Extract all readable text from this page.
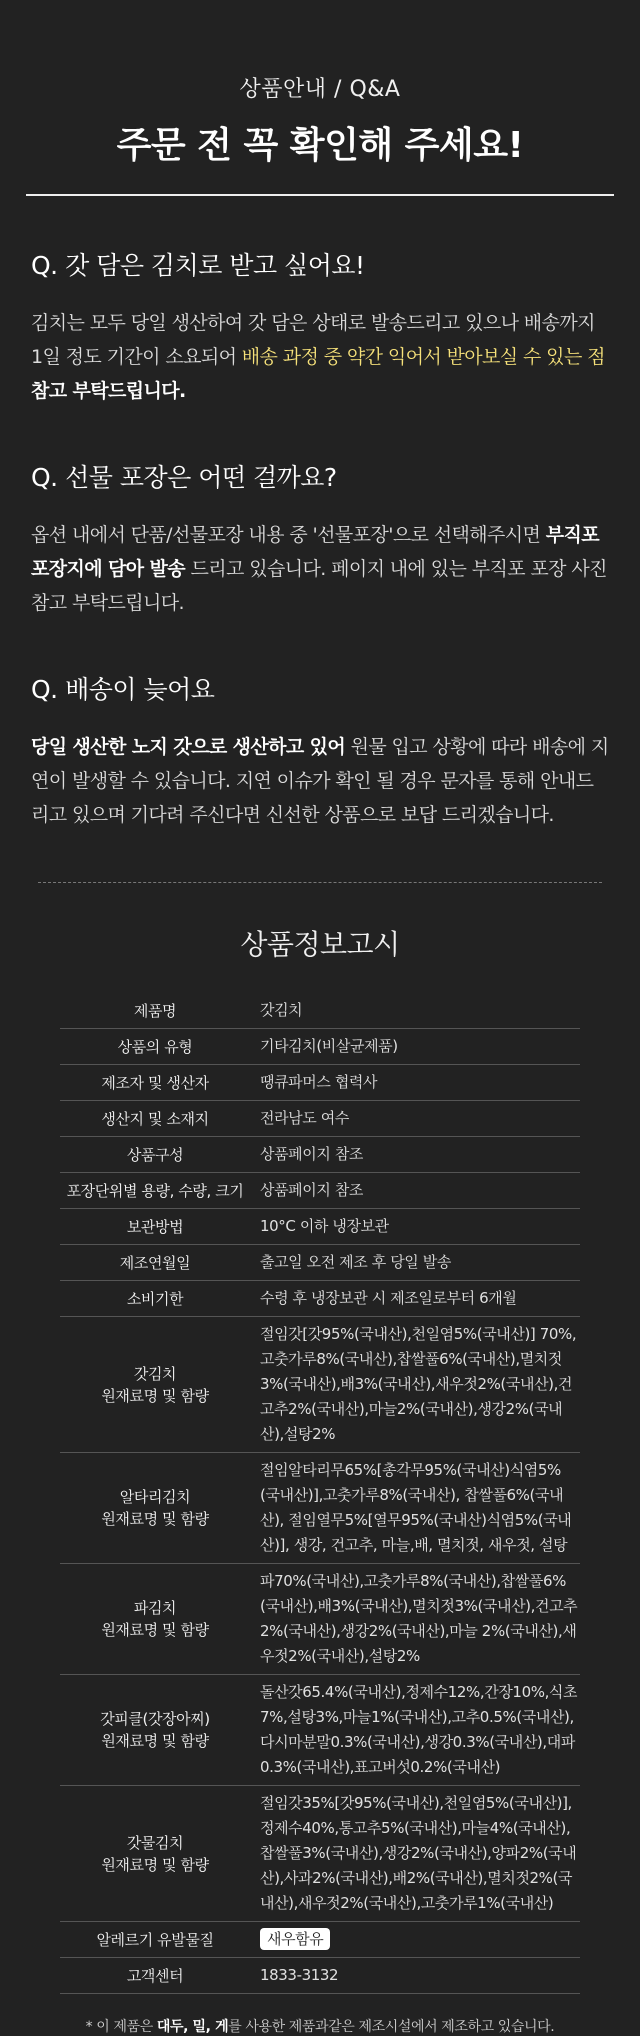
상품안내 / Q&A
주문 전 꼭 확인해 주세요!

Q. 갓 담은 김치로 받고 싶어요!

김치는 모두 당일 생산하여 갓 담은 상태로 발송드리고 있으나 배송까지 1일 정도 기간이 소요되어 배송 과정 중 약간 익어서 받아보실 수 있는 점
참고 부탁드립니다.

Q. 선물 포장은 어떤 걸까요?

옵션 내에서 단품/선물포장 내용 중 '선물포장'으로 선택해주시면 부직포 포장지에 담아 발송 드리고 있습니다. 페이지 내에 있는 부직포 포장 사진 참고 부탁드립니다.

Q. 배송이 늦어요

당일 생산한 노지 갓으로 생산하고 있어 원물 입고 상황에 따라 배송에 지연이 발생할 수 있습니다. 지연 이슈가 확인 될 경우 문자를 통해 안내드리고 있으며 기다려 주신다면 신선한 상품으로 보답 드리겠습니다.

상품정보고시
제품명	갓김치
상품의 유형	기타김치(비살균제품)
제조자 및 생산자	땡큐파머스 협력사
생산지 및 소재지	전라남도 여수
상품구성	상품페이지 참조
포장단위별 용량, 수량, 크기	상품페이지 참조
보관방법	10°C 이하 냉장보관
제조연월일	출고일 오전 제조 후 당일 발송
소비기한	수령 후 냉장보관 시 제조일로부터 6개월
갓김치
원재료명 및 함량	절임갓[갓95%(국내산),천일염5%(국내산)] 70%, 고춧가루8%(국내산),찹쌀풀6%(국내산),멸치젓3%(국내산),배3%(국내산),새우젓2%(국내산),건고추2%(국내산),마늘2%(국내산),생강2%(국내산),설탕2%
알타리김치
원재료명 및 함량	절임알타리무65%[총각무95%(국내산)식염5%(국내산)],고춧가루8%(국내산), 찹쌀풀6%(국내산), 절임열무5%[열무95%(국내산)식염5%(국내산)], 생강, 건고추, 마늘,배, 멸치젓, 새우젓, 설탕
파김치
원재료명 및 함량	파70%(국내산),고춧가루8%(국내산),찹쌀풀6%(국내산),배3%(국내산),멸치젓3%(국내산),건고추2%(국내산),생강2%(국내산),마늘 2%(국내산),새우젓2%(국내산),설탕2%
갓피클(갓장아찌)
원재료명 및 함량	돌산갓65.4%(국내산),정제수12%,간장10%,식초7%,설탕3%,마늘1%(국내산),고추0.5%(국내산),다시마분말0.3%(국내산),생강0.3%(국내산),대파0.3%(국내산),표고버섯0.2%(국내산)
갓물김치
원재료명 및 함량	절임갓35%[갓95%(국내산),천일염5%(국내산)],정제수40%,통고추5%(국내산),마늘4%(국내산),찹쌀풀3%(국내산),생강2%(국내산),양파2%(국내산),사과2%(국내산),배2%(국내산),멸치젓2%(국내산),새우젓2%(국내산),고춧가루1%(국내산)
알레르기 유발물질	새우함유
고객센터	1833-3132
* 이 제품은 대두, 밀, 게를 사용한 제품과같은 제조시설에서 제조하고 있습니다.
